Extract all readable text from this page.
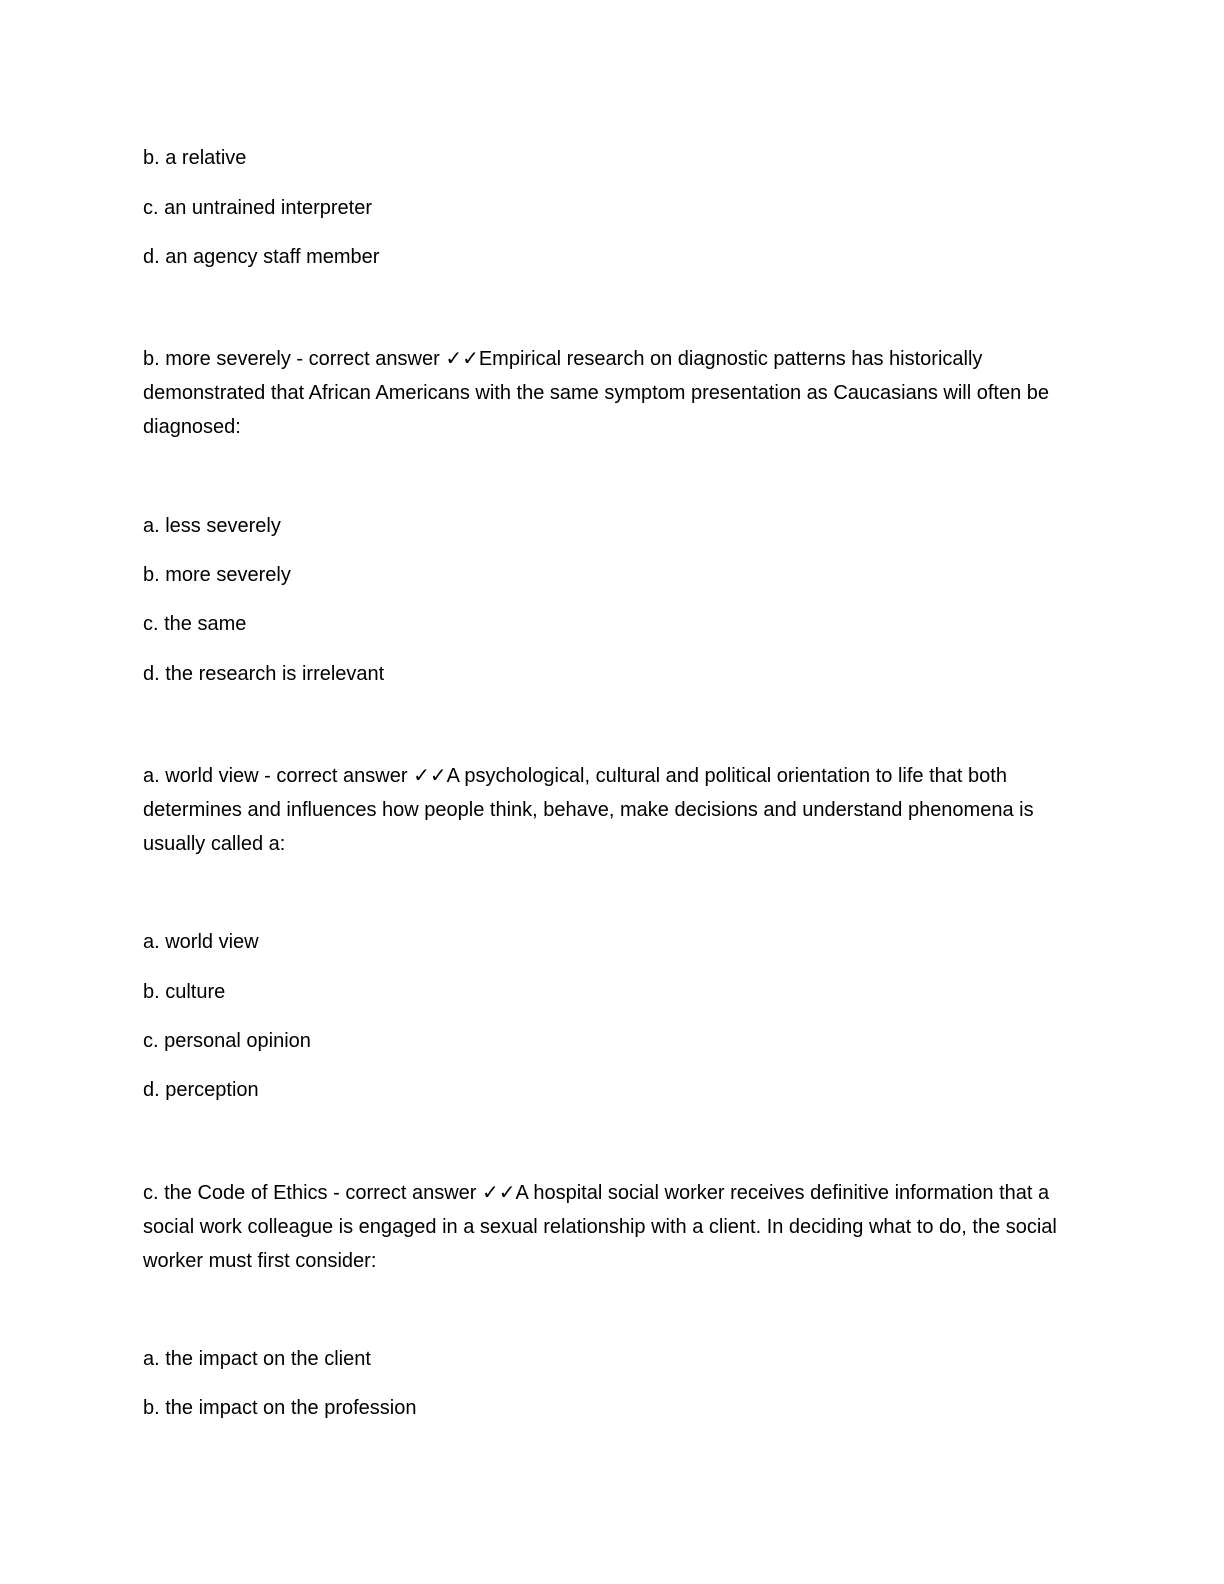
b. a relative
c. an untrained interpreter
d. an agency staff member
b. more severely - correct answer ✓✓Empirical research on diagnostic patterns has historically demonstrated that African Americans with the same symptom presentation as Caucasians will often be diagnosed:
a. less severely
b. more severely
c. the same
d. the research is irrelevant
a. world view - correct answer ✓✓A psychological, cultural and political orientation to life that both determines and influences how people think, behave, make decisions and understand phenomena is usually called a:
a. world view
b. culture
c. personal opinion
d. perception
c. the Code of Ethics - correct answer ✓✓A hospital social worker receives definitive information that a social work colleague is engaged in a sexual relationship with a client. In deciding what to do, the social worker must first consider:
a. the impact on the client
b. the impact on the profession
